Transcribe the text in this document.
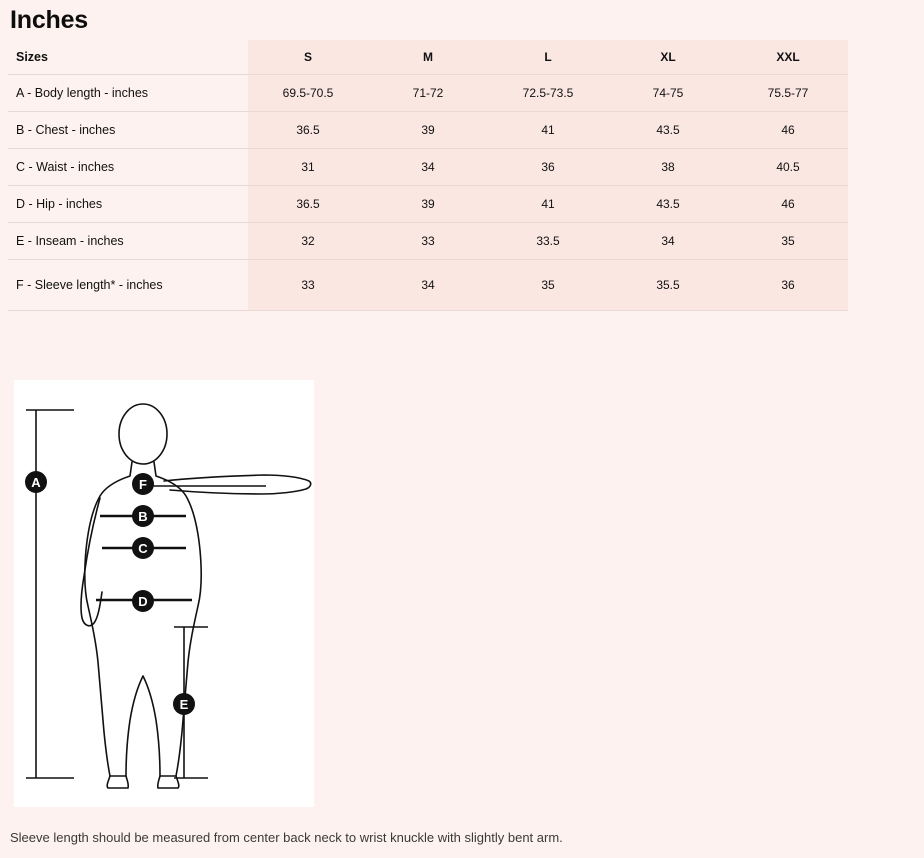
Inches
Sizes	S	M	L	XL	XXL
A - Body length - inches	69.5-70.5	71-72	72.5-73.5	74-75	75.5-77
B - Chest - inches	36.5	39	41	43.5	46
C - Waist - inches	31	34	36	38	40.5
D - Hip - inches	36.5	39	41	43.5	46
E - Inseam - inches	32	33	33.5	34	35
F - Sleeve length* - inches	33	34	35	35.5	36
A	F
B
C
D
E
Sleeve length should be measured from center back neck to wrist knuckle with slightly bent arm.
